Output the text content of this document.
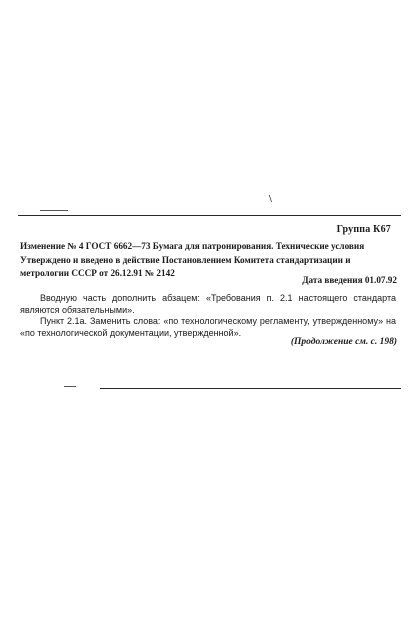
\
Группа К67
Изменение № 4 ГОСТ 6662—73 Бумага для патронирования. Технические условия
Утверждено и введено в действие Постановлением Комитета стандартизации и
метрологии СССР от 26.12.91 № 2142
Дата введения 01.07.92

Вводную часть дополнить абзацем: «Требования п. 2.1 настоящего стандарта являются обязательными».

Пункт 2.1а. Заменить слова: «по технологическому регламенту, утвержденному» на «по технологической документации, утвержденной».

(Продолжение см. с. 198)
